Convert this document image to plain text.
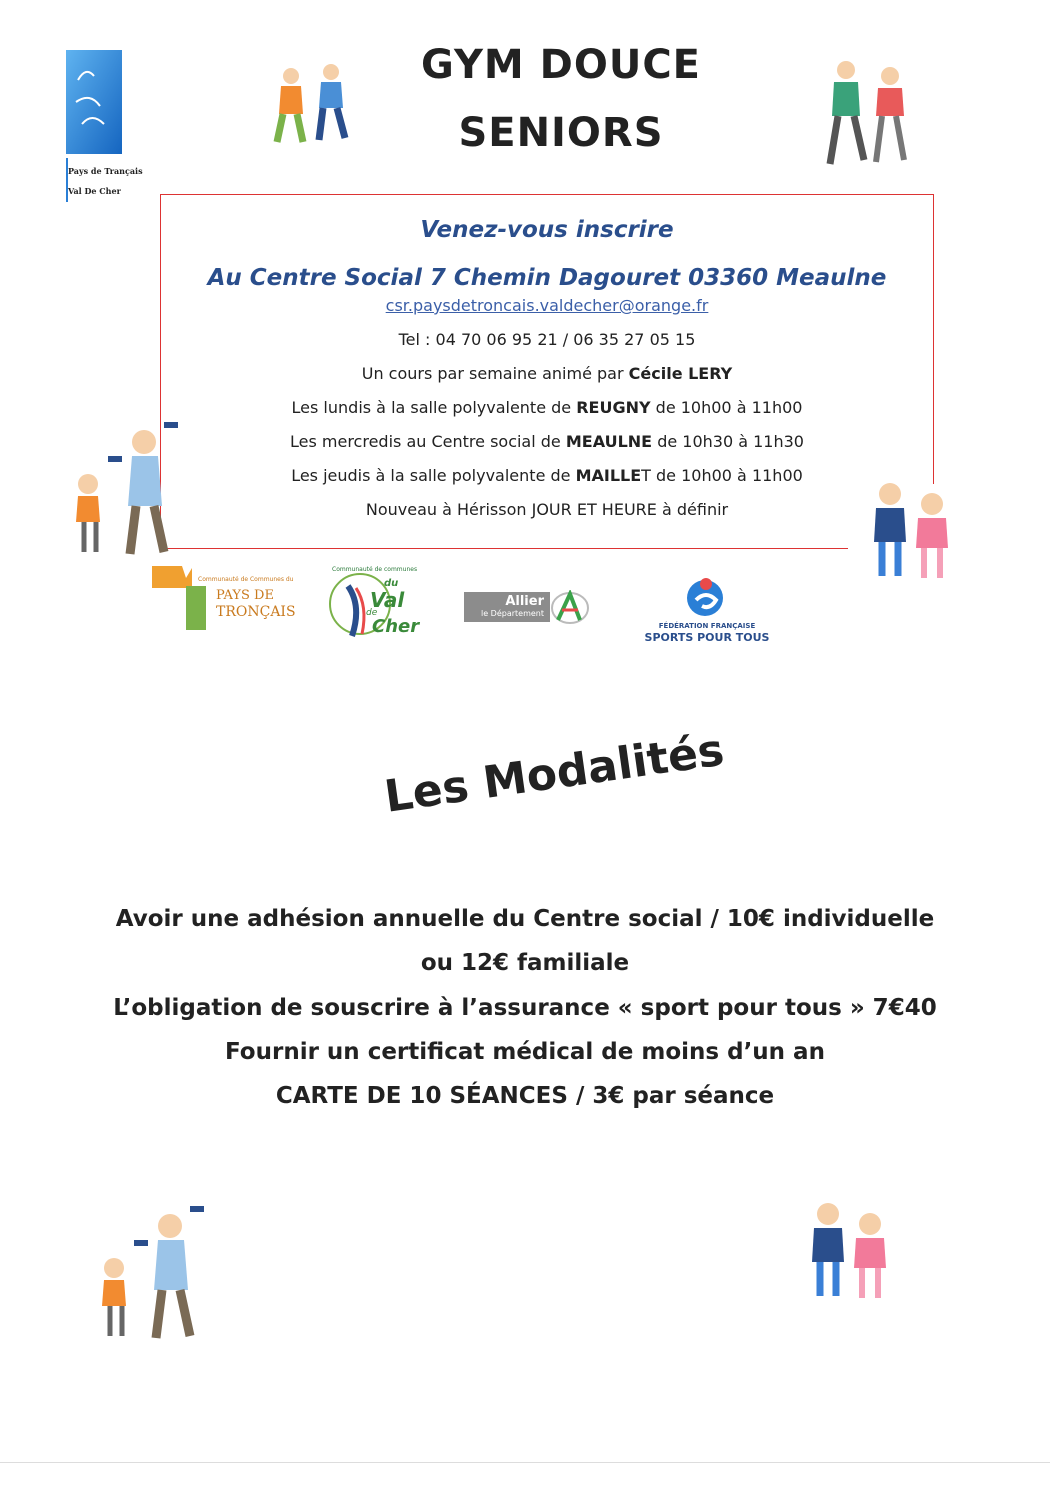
Pays de Trançais
Val De Cher
GYM DOUCE
SENIORS
Venez-vous inscrire
Au Centre Social 7 Chemin Dagouret 03360 Meaulne
csr.paysdetroncais.valdecher@orange.fr
Tel : 04 70 06 95 21 / 06 35 27 05 15
Un cours par semaine animé par Cécile LERY
Les lundis à la salle polyvalente de REUGNY de 10h00 à 11h00
Les mercredis au Centre social de MEAULNE de 10h30 à 11h30
Les jeudis à la salle polyvalente de MAILLET de 10h00 à 11h00
Nouveau à Hérisson JOUR ET HEURE à définir
Communauté de Communes du
PAYS DE
TRONÇAIS
Communauté de communes
du
Val
de
Cher
Allier
le Département
FÉDÉRATION FRANÇAISE
SPORTS POUR TOUS
Les Modalités
Avoir une adhésion annuelle du Centre social / 10€ individuelle
ou 12€ familiale
L’obligation de souscrire à l’assurance « sport pour tous » 7€40
Fournir un certificat médical de moins d’un an
CARTE DE 10 SÉANCES / 3€ par séance
